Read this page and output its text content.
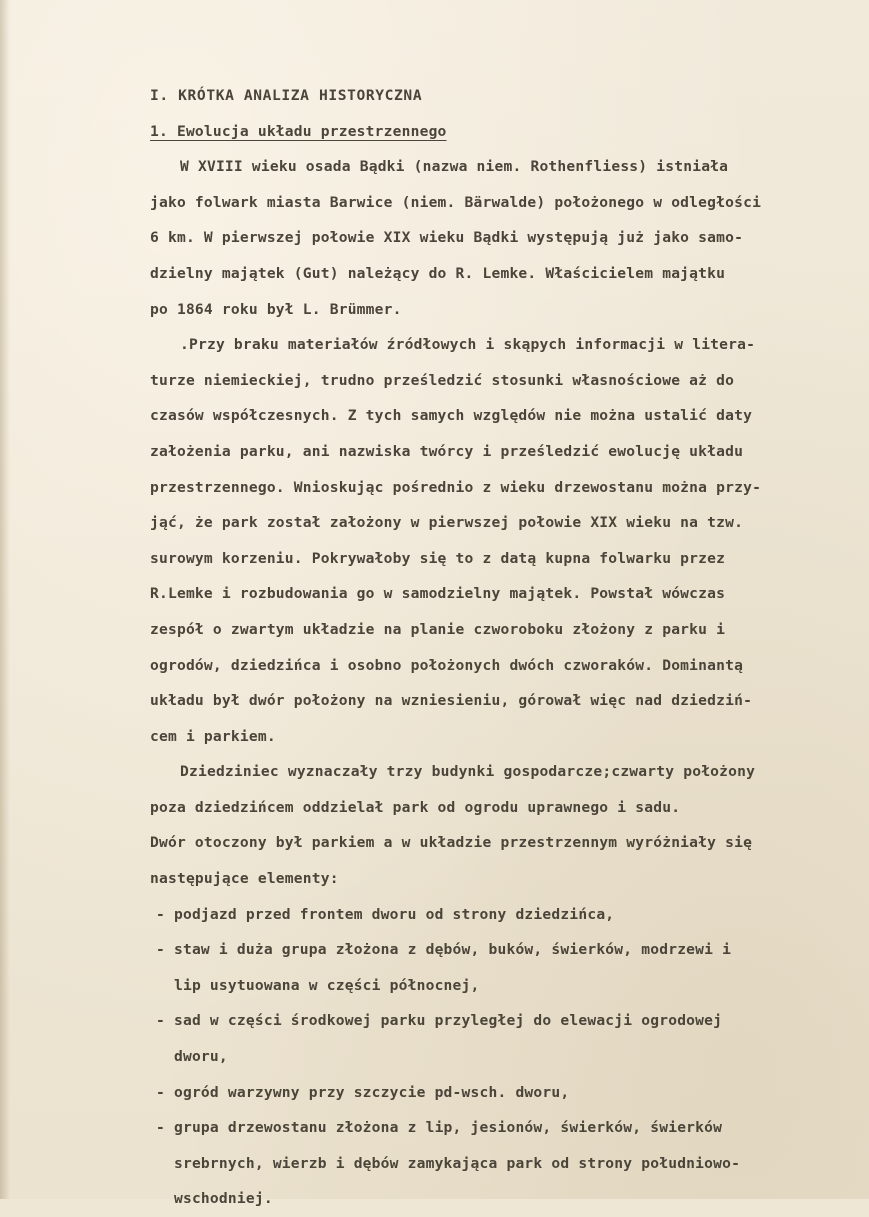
I. KRÓTKA ANALIZA HISTORYCZNA
1. Ewolucja układu przestrzennego
W XVIII wieku osada Bądki (nazwa niem. Rothenfliess) istniała
jako folwark miasta Barwice (niem. Bärwalde) położonego w odległości
6 km. W pierwszej połowie XIX wieku Bądki występują już jako samo-
dzielny majątek (Gut) należący do R. Lemke. Właścicielem majątku
po 1864 roku był L. Brümmer.
.Przy braku materiałów źródłowych i skąpych informacji w litera-
turze niemieckiej, trudno prześledzić stosunki własnościowe aż do
czasów współczesnych. Z tych samych względów nie można ustalić daty
założenia parku, ani nazwiska twórcy i prześledzić ewolucję układu
przestrzennego. Wnioskując pośrednio z wieku drzewostanu można przy-
jąć, że park został założony w pierwszej połowie XIX wieku na tzw.
surowym korzeniu. Pokrywałoby się to z datą kupna folwarku przez
R.Lemke i rozbudowania go w samodzielny majątek. Powstał wówczas
zespół o zwartym układzie na planie czworoboku złożony z parku i
ogrodów, dziedzińca i osobno położonych dwóch czworaków. Dominantą
układu był dwór położony na wzniesieniu, górował więc nad dziedziń-
cem i parkiem.
Dziedziniec wyznaczały trzy budynki gospodarcze;czwarty położony
poza dziedzińcem oddzielał park od ogrodu uprawnego i sadu.
Dwór otoczony był parkiem a w układzie przestrzennym wyróżniały się
następujące elementy:
- podjazd przed frontem dworu od strony dziedzińca,
- staw i duża grupa złożona z dębów, buków, świerków, modrzewi i
lip usytuowana w części północnej,
- sad w części środkowej parku przyległej do elewacji ogrodowej
dworu,
- ogród warzywny przy szczycie pd-wsch. dworu,
- grupa drzewostanu złożona z lip, jesionów, świerków, świerków
srebrnych, wierzb i dębów zamykająca park od strony południowo-
wschodniej.
